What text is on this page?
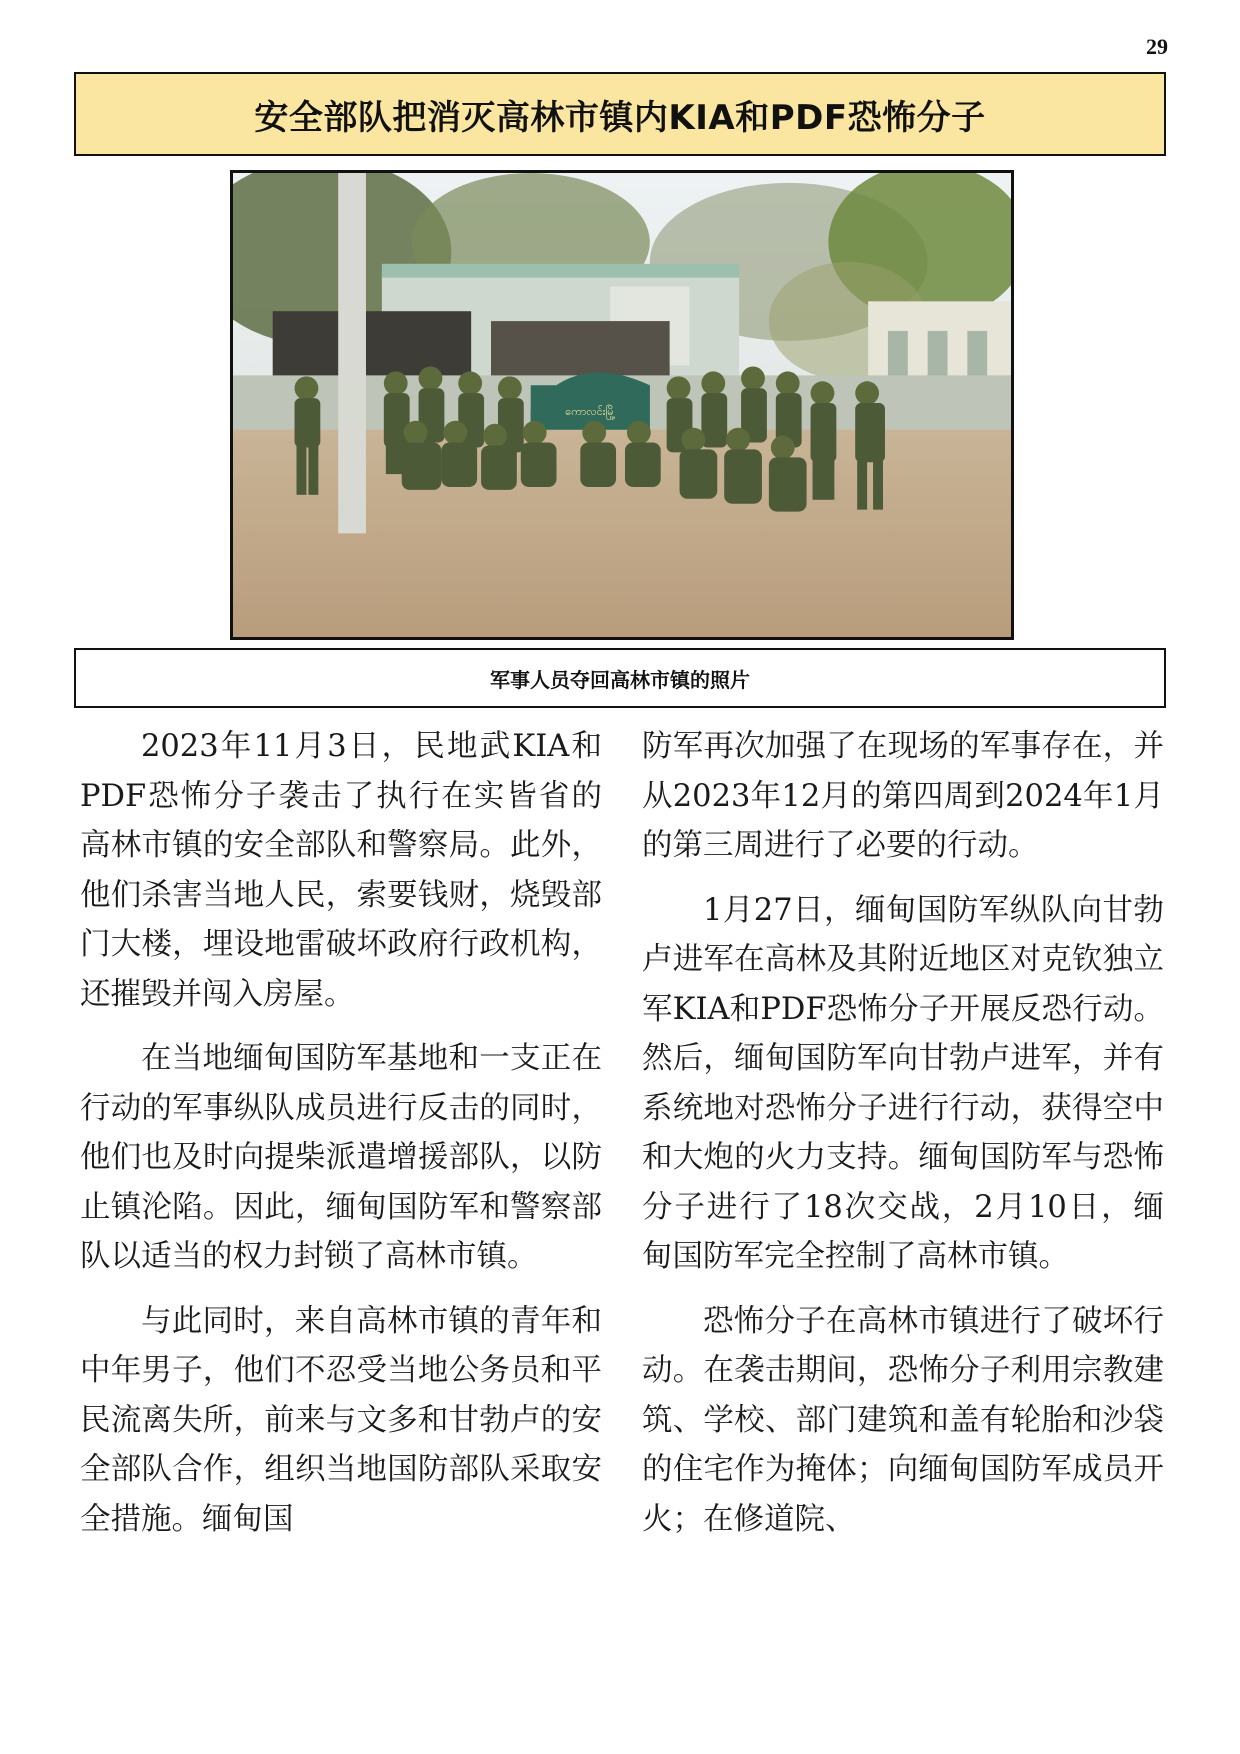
29
安全部队把消灭高林市镇内KIA和PDF恐怖分子
ကောလင်းမြို့
军事人员夺回高林市镇的照片

2023年11月3日，民地武KIA和PDF恐怖分子袭击了执行在实皆省的高林市镇的安全部队和警察局。此外，他们杀害当地人民，索要钱财，烧毁部门大楼，埋设地雷破坏政府行政机构，还摧毁并闯入房屋。

在当地缅甸国防军基地和一支正在行动的军事纵队成员进行反击的同时，他们也及时向提柴派遣增援部队，以防止镇沦陷。因此，缅甸国防军和警察部队以适当的权力封锁了高林市镇。

与此同时，来自高林市镇的青年和中年男子，他们不忍受当地公务员和平民流离失所，前来与文多和甘勃卢的安全部队合作，组织当地国防部队采取安全措施。缅甸国

防军再次加强了在现场的军事存在，并从2023年12月的第四周到2024年1月的第三周进行了必要的行动。

1月27日，缅甸国防军纵队向甘勃卢进军在高林及其附近地区对克钦独立军KIA和PDF恐怖分子开展反恐行动。然后，缅甸国防军向甘勃卢进军，并有系统地对恐怖分子进行行动，获得空中和大炮的火力支持。缅甸国防军与恐怖分子进行了18次交战，2月10日，缅甸国防军完全控制了高林市镇。

恐怖分子在高林市镇进行了破坏行动。在袭击期间，恐怖分子利用宗教建筑、学校、部门建筑和盖有轮胎和沙袋的住宅作为掩体；向缅甸国防军成员开火；在修道院、
